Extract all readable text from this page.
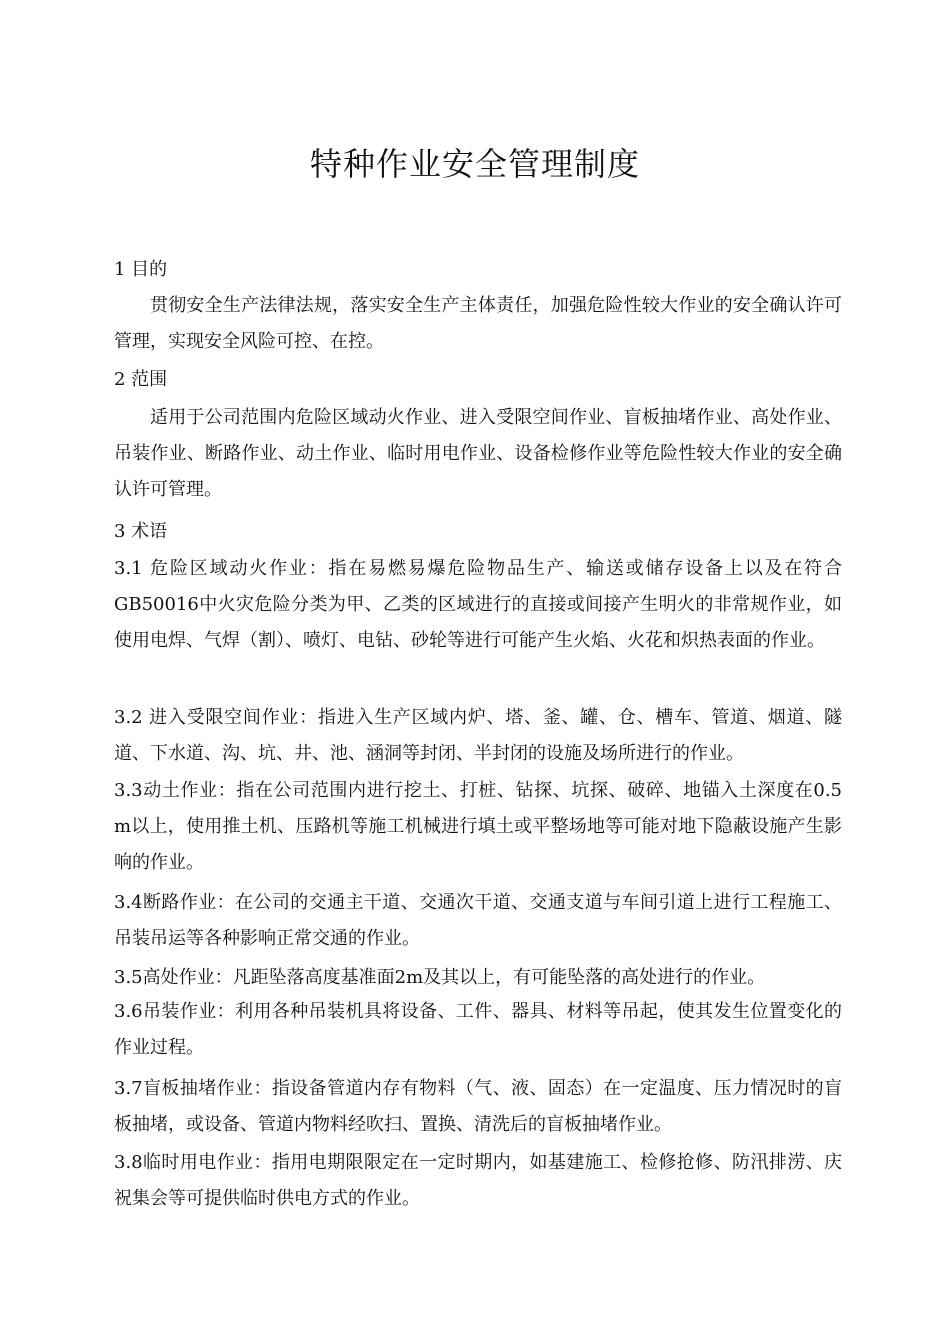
特种作业安全管理制度
1 目的
贯彻安全生产法律法规，落实安全生产主体责任，加强危险性较大作业的安全确认许可管理，实现安全风险可控、在控。
2 范围
适用于公司范围内危险区域动火作业、进入受限空间作业、盲板抽堵作业、高处作业、吊装作业、断路作业、动土作业、临时用电作业、设备检修作业等危险性较大作业的安全确认许可管理。
3 术语
3.1 危险区域动火作业：指在易燃易爆危险物品生产、输送或储存设备上以及在符合GB50016中火灾危险分类为甲、乙类的区域进行的直接或间接产生明火的非常规作业，如使用电焊、气焊（割）、喷灯、电钻、砂轮等进行可能产生火焰、火花和炽热表面的作业。
3.2 进入受限空间作业：指进入生产区域内炉、塔、釜、罐、仓、槽车、管道、烟道、隧道、下水道、沟、坑、井、池、涵洞等封闭、半封闭的设施及场所进行的作业。
3.3动土作业：指在公司范围内进行挖土、打桩、钻探、坑探、破碎、地锚入土深度在0.5 m以上，使用推土机、压路机等施工机械进行填土或平整场地等可能对地下隐蔽设施产生影响的作业。
3.4断路作业：在公司的交通主干道、交通次干道、交通支道与车间引道上进行工程施工、吊装吊运等各种影响正常交通的作业。
3.5高处作业：凡距坠落高度基准面2m及其以上，有可能坠落的高处进行的作业。
3.6吊装作业：利用各种吊装机具将设备、工件、器具、材料等吊起，使其发生位置变化的作业过程。
3.7盲板抽堵作业：指设备管道内存有物料（气、液、固态）在一定温度、压力情况时的盲板抽堵，或设备、管道内物料经吹扫、置换、清洗后的盲板抽堵作业。
3.8临时用电作业：指用电期限限定在一定时期内，如基建施工、检修抢修、防汛排涝、庆祝集会等可提供临时供电方式的作业。
